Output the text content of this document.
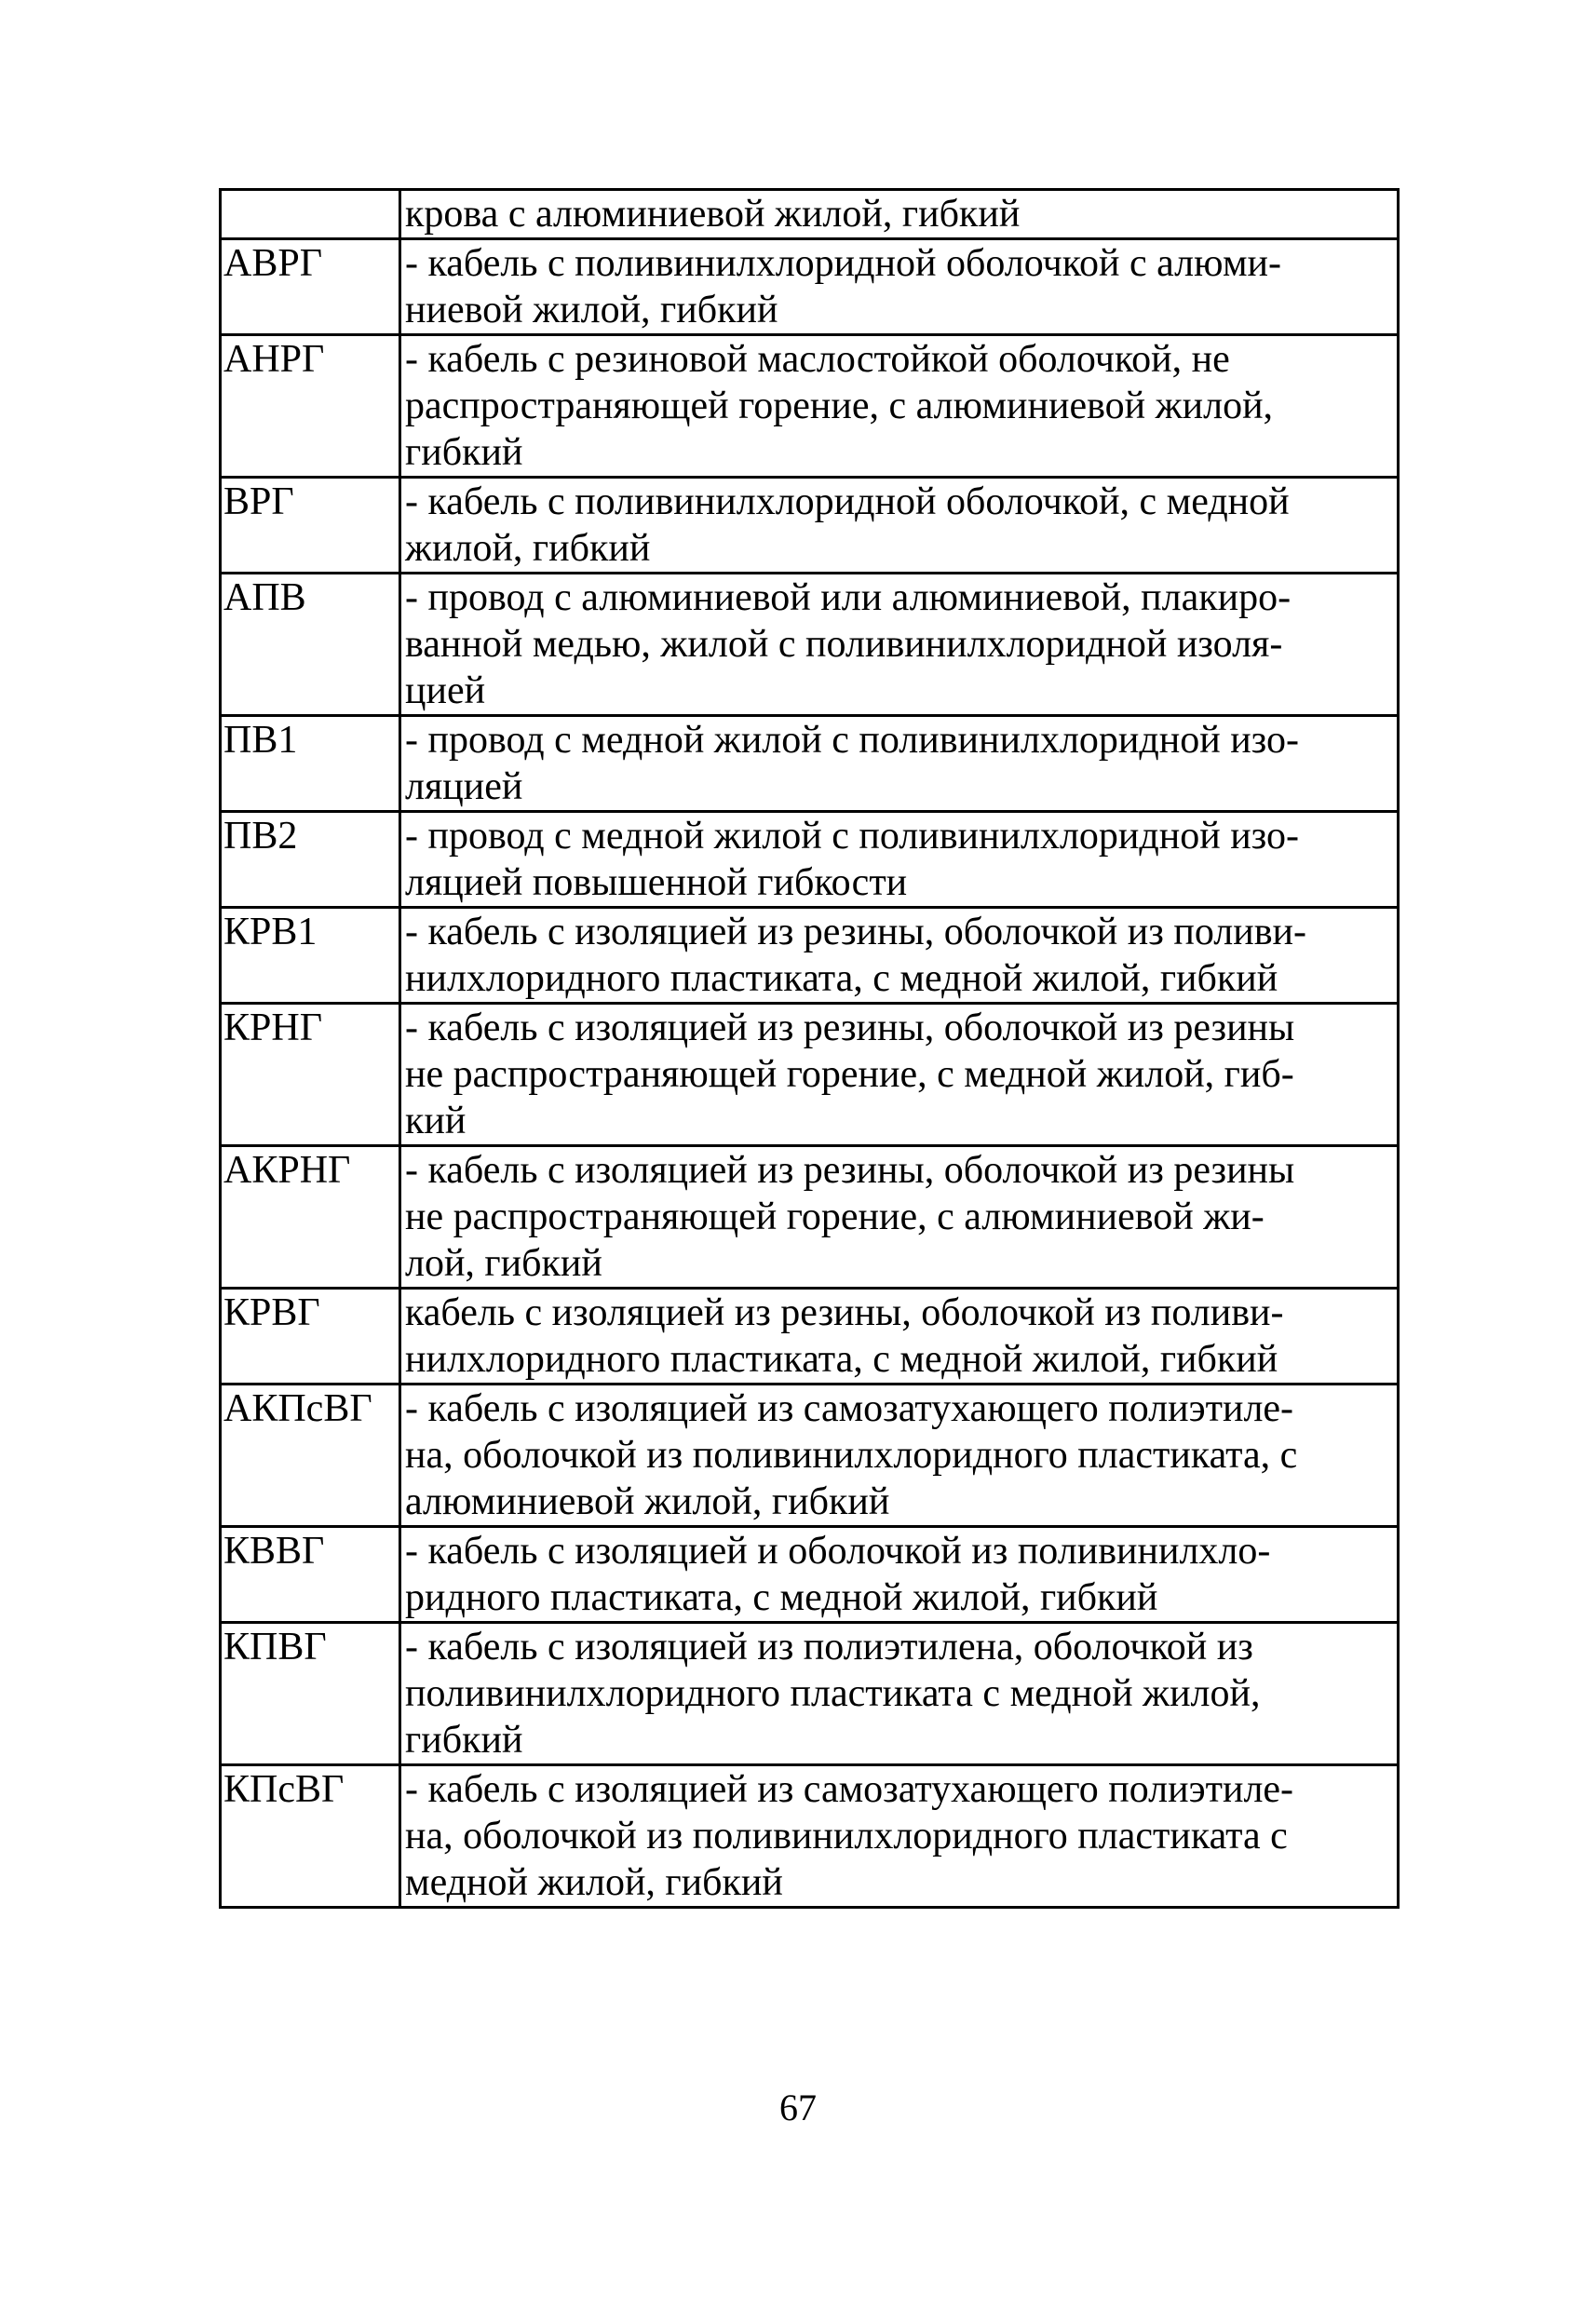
	крова с алюминиевой жилой, гибкий

АВРГ	- кабель с поливинилхлоридной оболочкой с алюми-
ниевой жилой, гибкий

АНРГ	- кабель с резиновой маслостойкой оболочкой, не
распространяющей горение, с алюминиевой жилой,
гибкий

ВРГ	- кабель с поливинилхлоридной оболочкой, с медной
жилой, гибкий

АПВ	- провод с алюминиевой или алюминиевой, плакиро-
ванной медью, жилой с поливинилхлоридной изоля-
цией

ПВ1	- провод с медной жилой с поливинилхлоридной изо-
ляцией

ПВ2	- провод с медной жилой с поливинилхлоридной изо-
ляцией повышенной гибкости

КРВ1	- кабель с изоляцией из резины, оболочкой из поливи-
нилхлоридного пластиката, с медной жилой, гибкий

КРНГ	- кабель с изоляцией из резины, оболочкой из резины
не распространяющей горение, с медной жилой, гиб-
кий

АКРНГ	- кабель с изоляцией из резины, оболочкой из резины
не распространяющей горение, с алюминиевой жи-
лой, гибкий

КРВГ	кабель с изоляцией из резины, оболочкой из поливи-
нилхлоридного пластиката, с медной жилой, гибкий

АКПсВГ	- кабель с изоляцией из самозатухающего полиэтиле-
на, оболочкой из поливинилхлоридного пластиката, с
алюминиевой жилой, гибкий

КВВГ	- кабель с изоляцией и оболочкой из поливинилхло-
ридного пластиката, с медной жилой, гибкий

КПВГ	- кабель с изоляцией из полиэтилена, оболочкой из
поливинилхлоридного пластиката с медной жилой,
гибкий

КПсВГ	- кабель с изоляцией из самозатухающего полиэтиле-
на, оболочкой из поливинилхлоридного пластиката с
медной жилой, гибкий
67
